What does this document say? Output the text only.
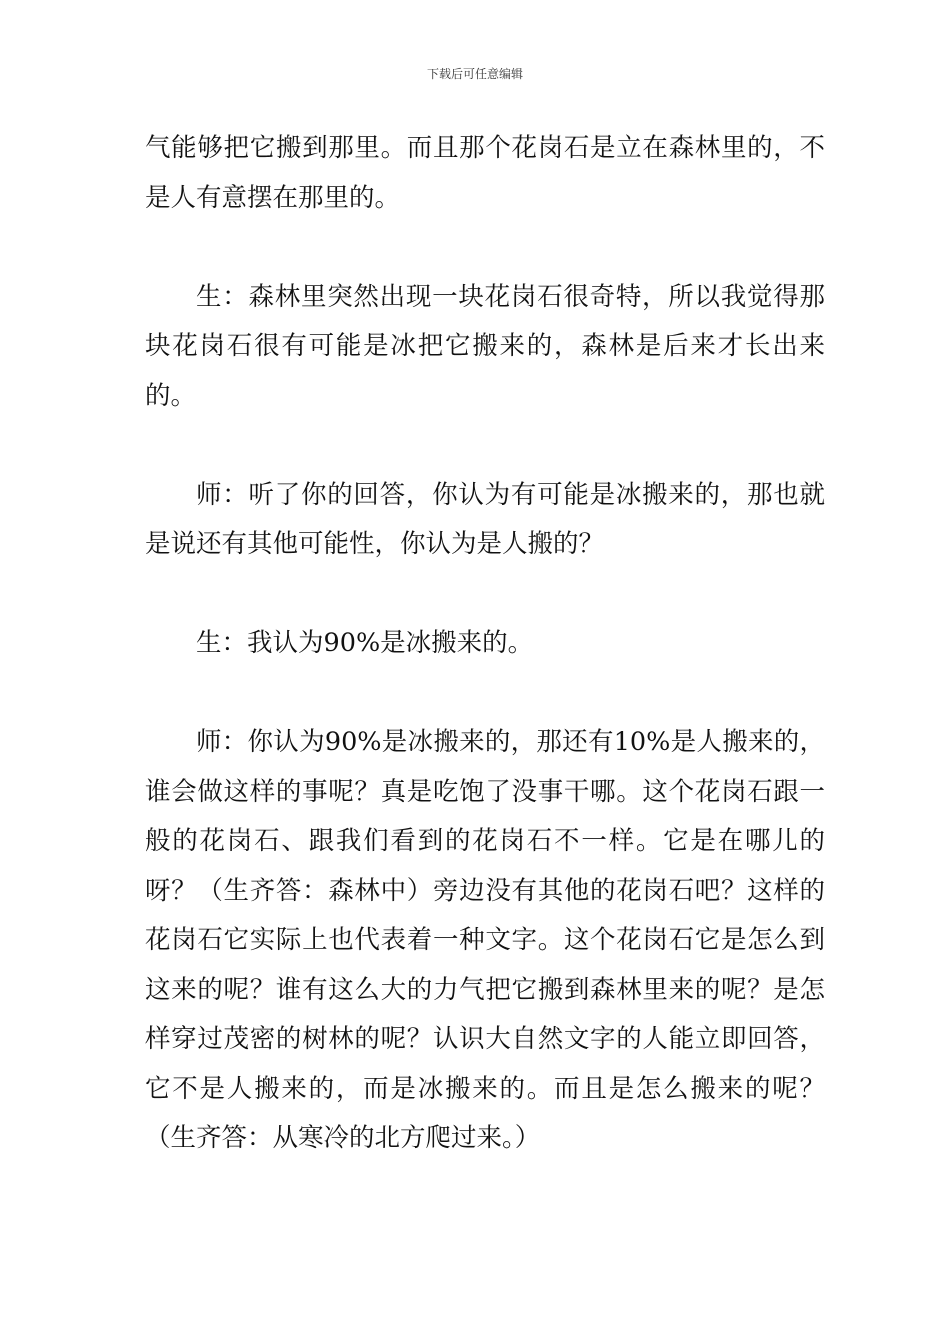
下载后可任意编辑

气能够把它搬到那里。而且那个花岗石是立在森林里的，不是人有意摆在那里的。

生：森林里突然出现一块花岗石很奇特，所以我觉得那块花岗石很有可能是冰把它搬来的，森林是后来才长出来的。

师：听了你的回答，你认为有可能是冰搬来的，那也就是说还有其他可能性，你认为是人搬的？

生：我认为90%是冰搬来的。

师：你认为90%是冰搬来的，那还有10%是人搬来的，谁会做这样的事呢？真是吃饱了没事干哪。这个花岗石跟一般的花岗石、跟我们看到的花岗石不一样。它是在哪儿的呀？（生齐答：森林中）旁边没有其他的花岗石吧？这样的花岗石它实际上也代表着一种文字。这个花岗石它是怎么到这来的呢？谁有这么大的力气把它搬到森林里来的呢？是怎样穿过茂密的树林的呢？认识大自然文字的人能立即回答，它不是人搬来的，而是冰搬来的。而且是怎么搬来的呢？（生齐答：从寒冷的北方爬过来。）
